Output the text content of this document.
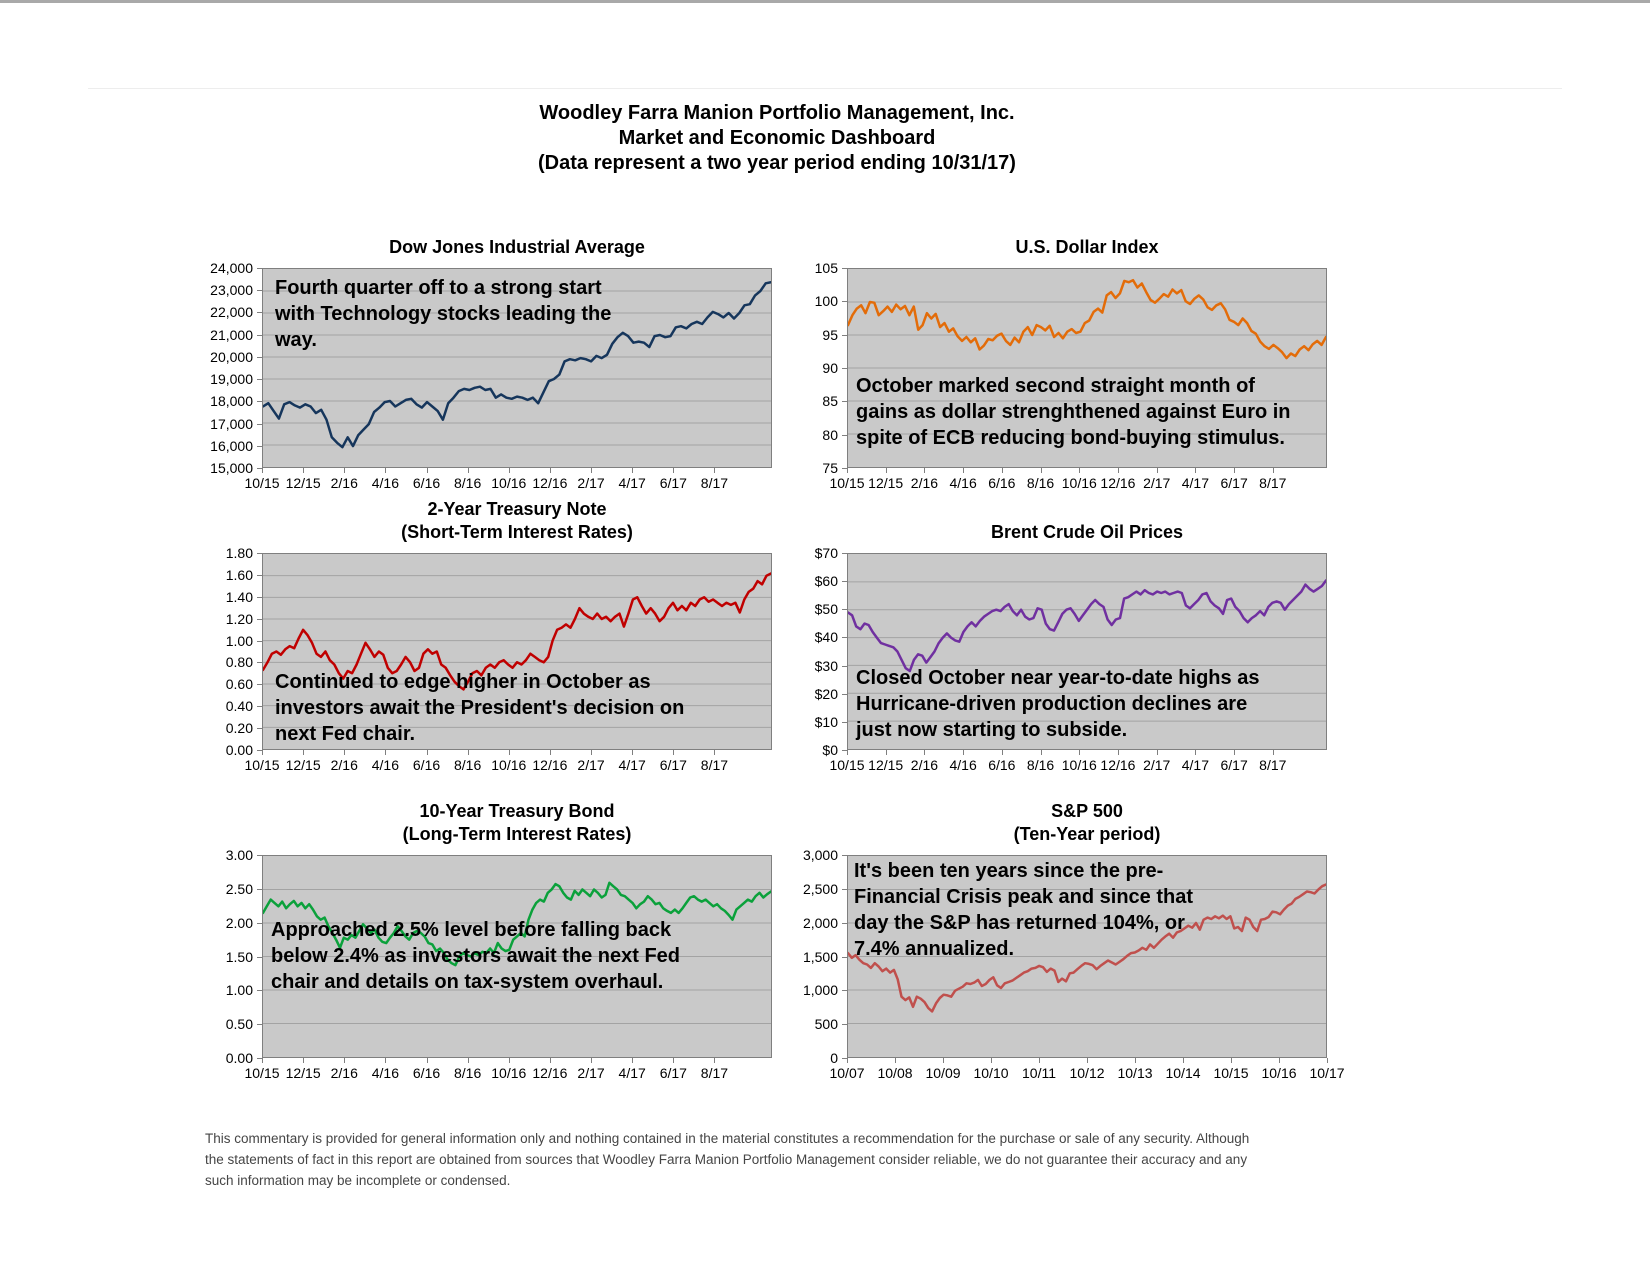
Woodley Farra Manion Portfolio Management, Inc.
Market and Economic Dashboard
(Data represent a two year period ending 10/31/17)
Dow Jones Industrial Average
Fourth quarter off to a strong start
with Technology stocks leading the
way.
24,000
23,000
22,000
21,000
20,000
19,000
18,000
17,000
16,000
15,000
10/15 12/15 2/16 4/16 6/16 8/16 10/16 12/16 2/17 4/17 6/17 8/17
U.S. Dollar Index
October marked second straight month of
gains as dollar strenghthened against Euro in
spite of ECB reducing bond-buying stimulus.
105
100
95
90
85
80
75
10/15 12/15 2/16 4/16 6/16 8/16 10/16 12/16 2/17 4/17 6/17 8/17
2-Year Treasury Note
(Short-Term Interest Rates)
Continued to edge higher in October as
investors await the President's decision on
next Fed chair.
1.80
1.60
1.40
1.20
1.00
0.80
0.60
0.40
0.20
0.00
10/15 12/15 2/16 4/16 6/16 8/16 10/16 12/16 2/17 4/17 6/17 8/17
Brent Crude Oil Prices
Closed October near year-to-date highs as
Hurricane-driven production declines are
just now starting to subside.
$70
$60
$50
$40
$30
$20
$10
$0
10/15 12/15 2/16 4/16 6/16 8/16 10/16 12/16 2/17 4/17 6/17 8/17
10-Year Treasury Bond
(Long-Term Interest Rates)
Approached 2.5% level before falling back
below 2.4% as investors await the next Fed
chair and details on tax-system overhaul.
3.00
2.50
2.00
1.50
1.00
0.50
0.00
10/15 12/15 2/16 4/16 6/16 8/16 10/16 12/16 2/17 4/17 6/17 8/17
S&P 500
(Ten-Year period)
It's been ten years since the pre-
Financial Crisis peak and since that
day the S&P has returned 104%, or
7.4% annualized.
3,000
2,500
2,000
1,500
1,000
500
0
10/07 10/08 10/09 10/10 10/11 10/12 10/13 10/14 10/15 10/16 10/17
This commentary is provided for general information only and nothing contained in the material constitutes a recommendation for the purchase or sale of any security. Although
the statements of fact in this report are obtained from sources that Woodley Farra Manion Portfolio Management consider reliable, we do not guarantee their accuracy and any
such information may be incomplete or condensed.
